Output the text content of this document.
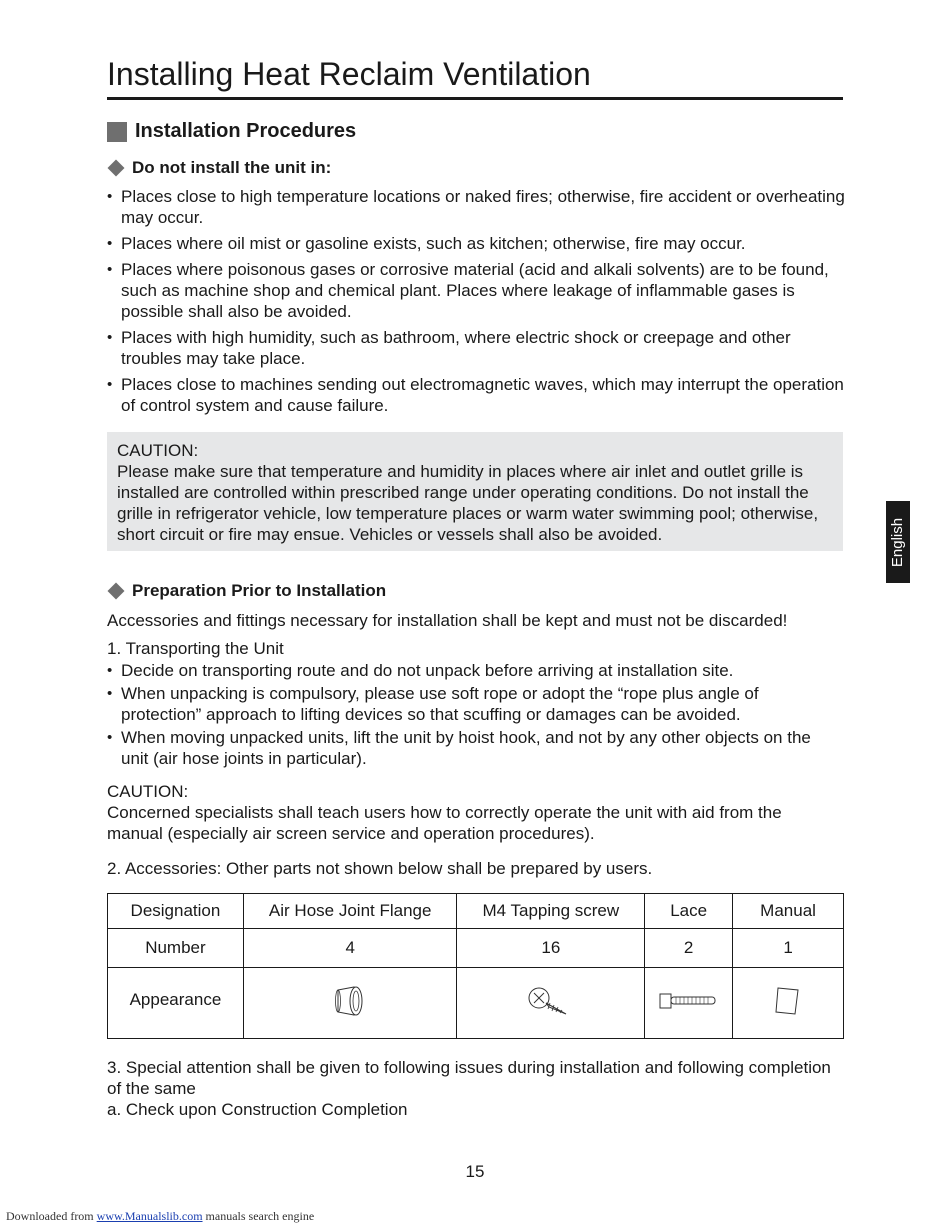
Installing Heat Reclaim Ventilation
Installation Procedures
Do not install the unit in:
• Places close to high temperature locations or naked fires; otherwise, fire accident or overheating may occur.
• Places where oil mist or gasoline exists, such as kitchen; otherwise, fire may occur.
• Places where poisonous gases or corrosive material (acid and alkali solvents) are to be found, such as machine shop and chemical plant. Places where leakage of inflammable gases is possible shall also be avoided.
• Places with high humidity, such as bathroom, where electric shock or creepage and other troubles may take place.
• Places close to machines sending out electromagnetic waves, which may interrupt the operation of control system and cause failure.

CAUTION:

Please make sure that temperature and humidity in places where air inlet and outlet grille is installed are controlled within prescribed range under operating conditions. Do not install the grille in refrigerator vehicle, low temperature places or warm water swimming pool; otherwise, short circuit or fire may ensue. Vehicles or vessels shall also be avoided.	English
Preparation Prior to Installation

Accessories and fittings necessary for installation shall be kept and must not be discarded!

1. Transporting the Unit

• Decide on transporting route and do not unpack before arriving at installation site.
• When unpacking is compulsory, please use soft rope or adopt the “rope plus angle of protection” approach to lifting devices so that scuffing or damages can be avoided.
• When moving unpacked units, lift the unit by hoist hook, and not by any other objects on the unit (air hose joints in particular).

CAUTION:

Concerned specialists shall teach users how to correctly operate the unit with aid from the manual (especially air screen service and operation procedures).

2. Accessories: Other parts not shown below shall be prepared by users.

Designation	Air Hose Joint Flange	M4 Tapping screw	Lace	Manual
Number	4	16	2	1
Appearance				

3. Special attention shall be given to following issues during installation and following completion of the same

a. Check upon Construction Completion

15
Downloaded from www.Manualslib.com manuals search engine
